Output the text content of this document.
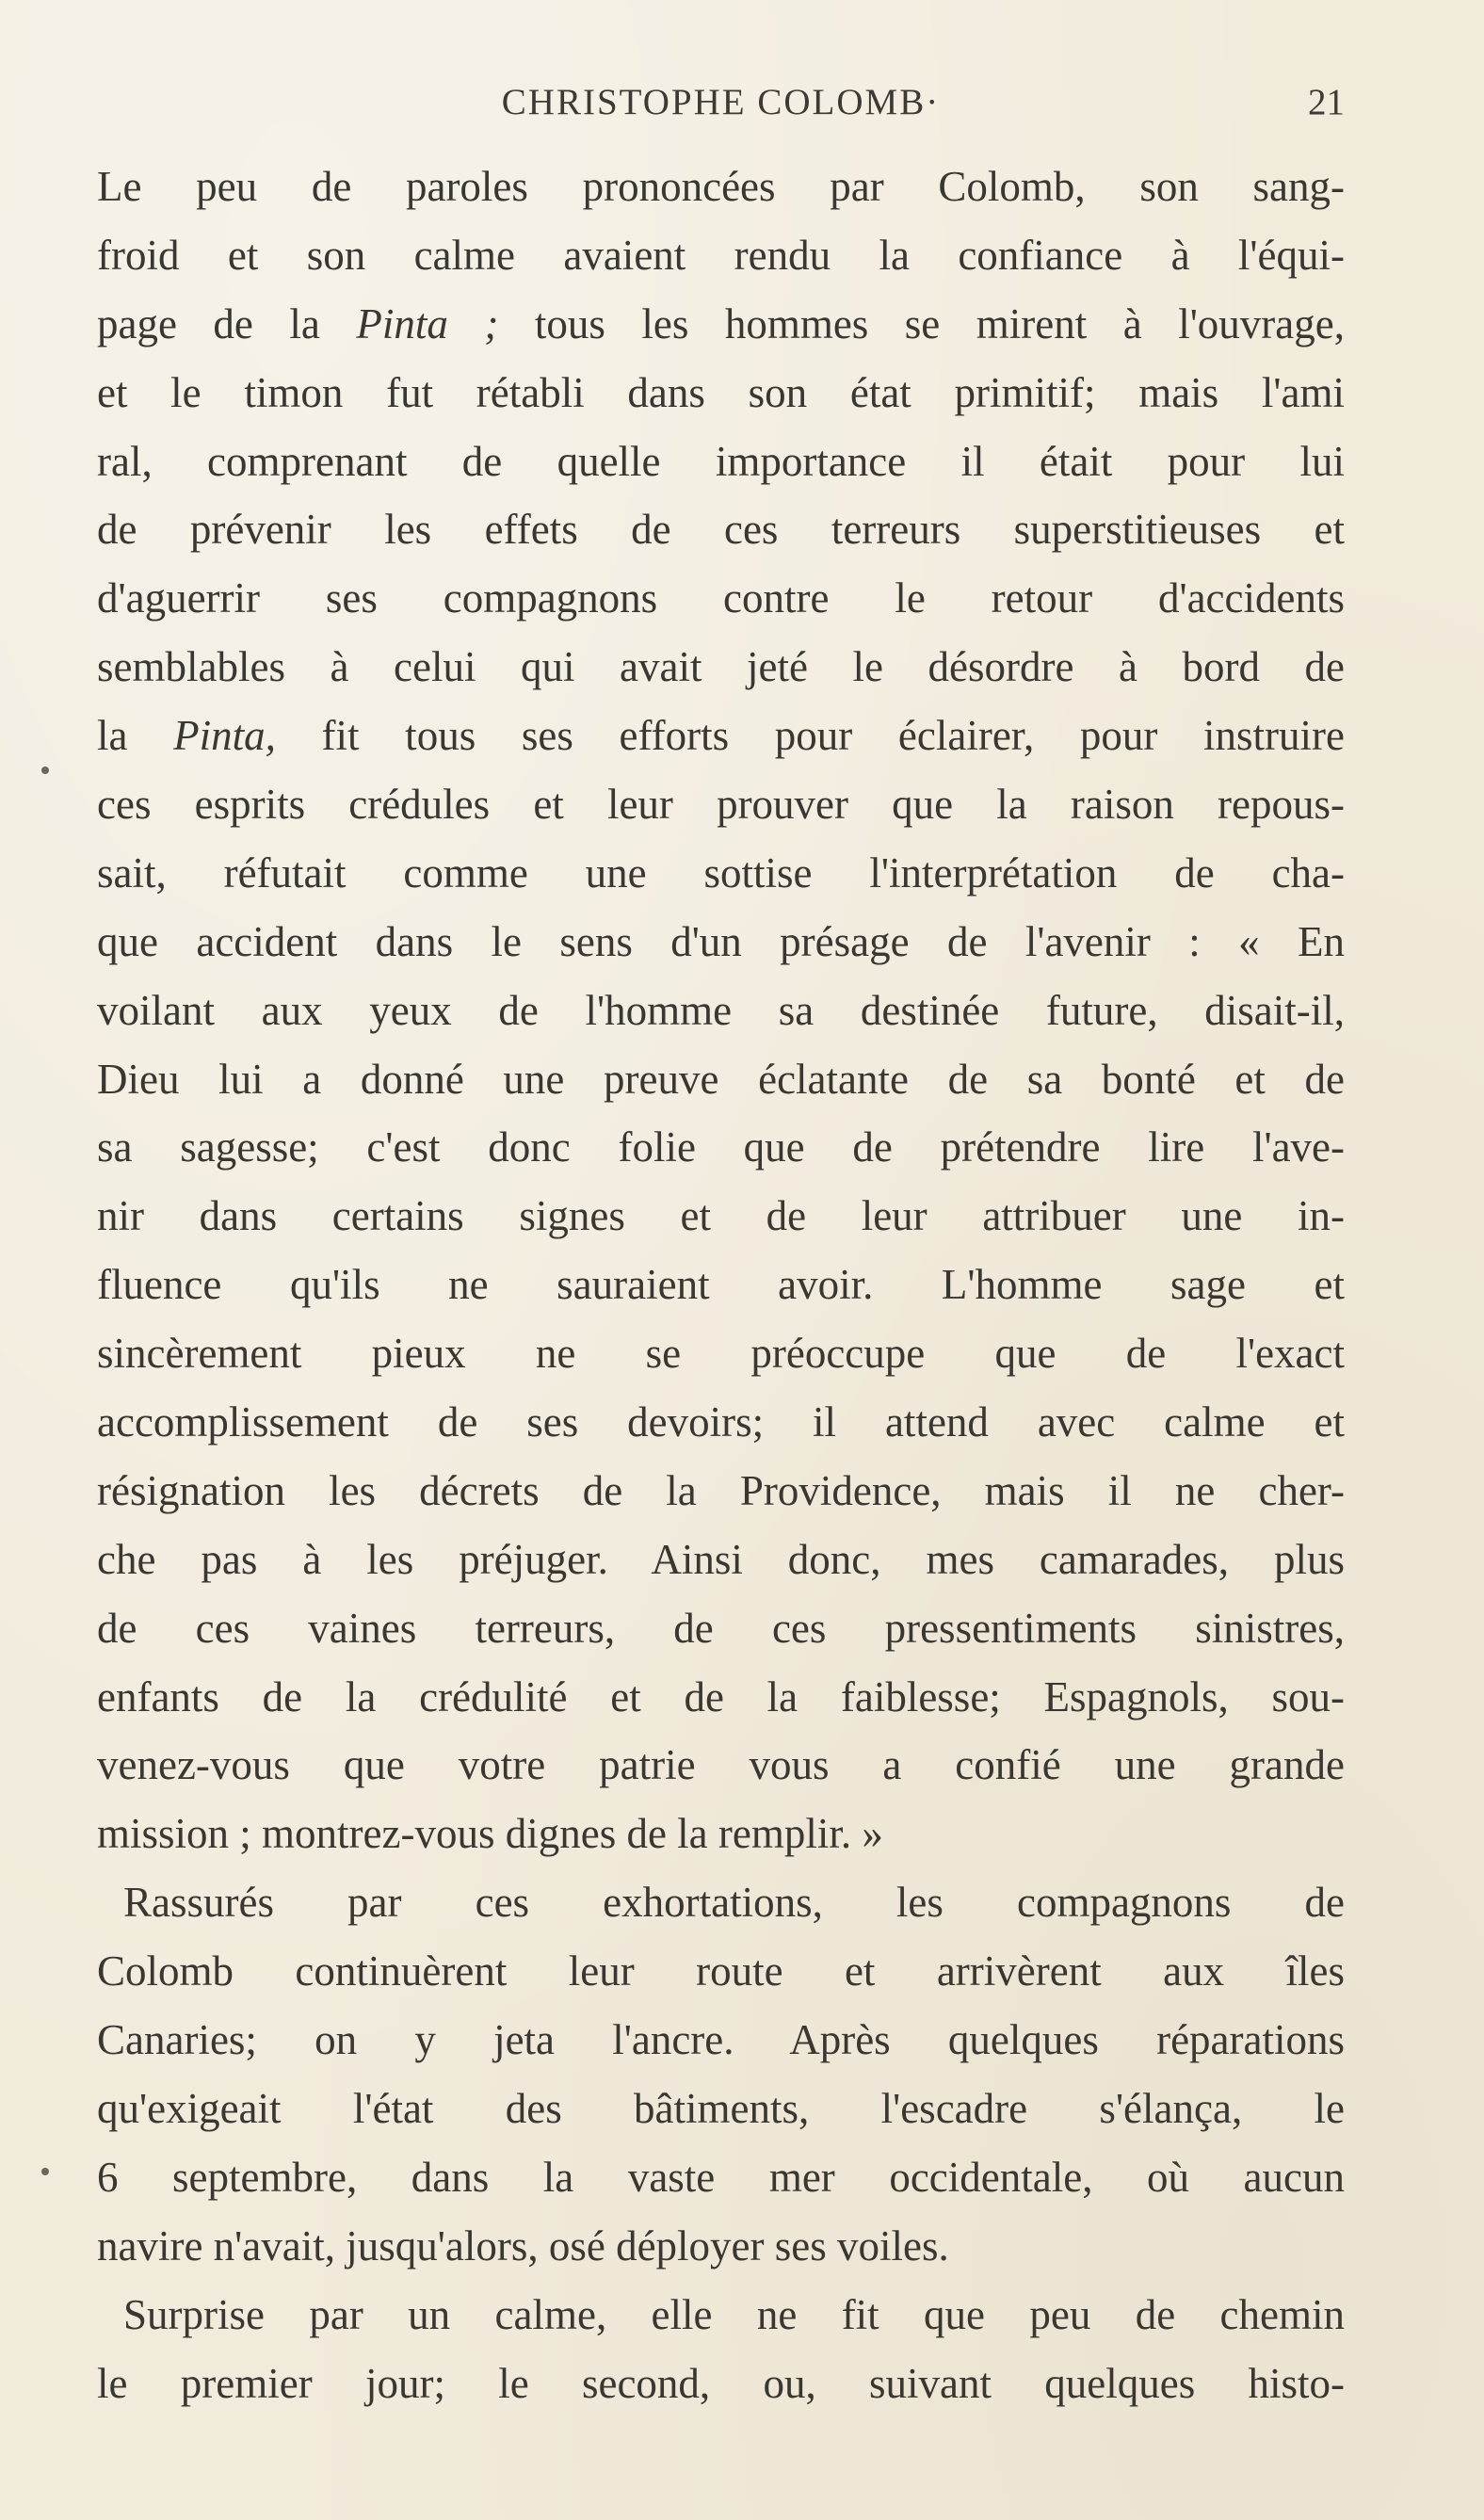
CHRISTOPHE COLOMB·	21
Le peu de paroles prononcées par Colomb, son sang-
froid et son calme avaient rendu la confiance à l'équi-
page de la Pinta ; tous les hommes se mirent à l'ouvrage,
et le timon fut rétabli dans son état primitif; mais l'ami
ral, comprenant de quelle importance il était pour lui
de prévenir les effets de ces terreurs superstitieuses et
d'aguerrir ses compagnons contre le retour d'accidents
semblables à celui qui avait jeté le désordre à bord de
la Pinta, fit tous ses efforts pour éclairer, pour instruire
ces esprits crédules et leur prouver que la raison repous-
sait, réfutait comme une sottise l'interprétation de cha-
que accident dans le sens d'un présage de l'avenir : « En
voilant aux yeux de l'homme sa destinée future, disait-il,
Dieu lui a donné une preuve éclatante de sa bonté et de
sa sagesse; c'est donc folie que de prétendre lire l'ave-
nir dans certains signes et de leur attribuer une in-
fluence qu'ils ne sauraient avoir. L'homme sage et
sincèrement pieux ne se préoccupe que de l'exact
accomplissement de ses devoirs; il attend avec calme et
résignation les décrets de la Providence, mais il ne cher-
che pas à les préjuger. Ainsi donc, mes camarades, plus
de ces vaines terreurs, de ces pressentiments sinistres,
enfants de la crédulité et de la faiblesse; Espagnols, sou-
venez-vous que votre patrie vous a confié une grande
mission ; montrez-vous dignes de la remplir. »
Rassurés par ces exhortations, les compagnons de
Colomb continuèrent leur route et arrivèrent aux îles
Canaries; on y jeta l'ancre. Après quelques réparations
qu'exigeait l'état des bâtiments, l'escadre s'élança, le
6 septembre, dans la vaste mer occidentale, où aucun
navire n'avait, jusqu'alors, osé déployer ses voiles.
Surprise par un calme, elle ne fit que peu de chemin
le premier jour; le second, ou, suivant quelques histo-
